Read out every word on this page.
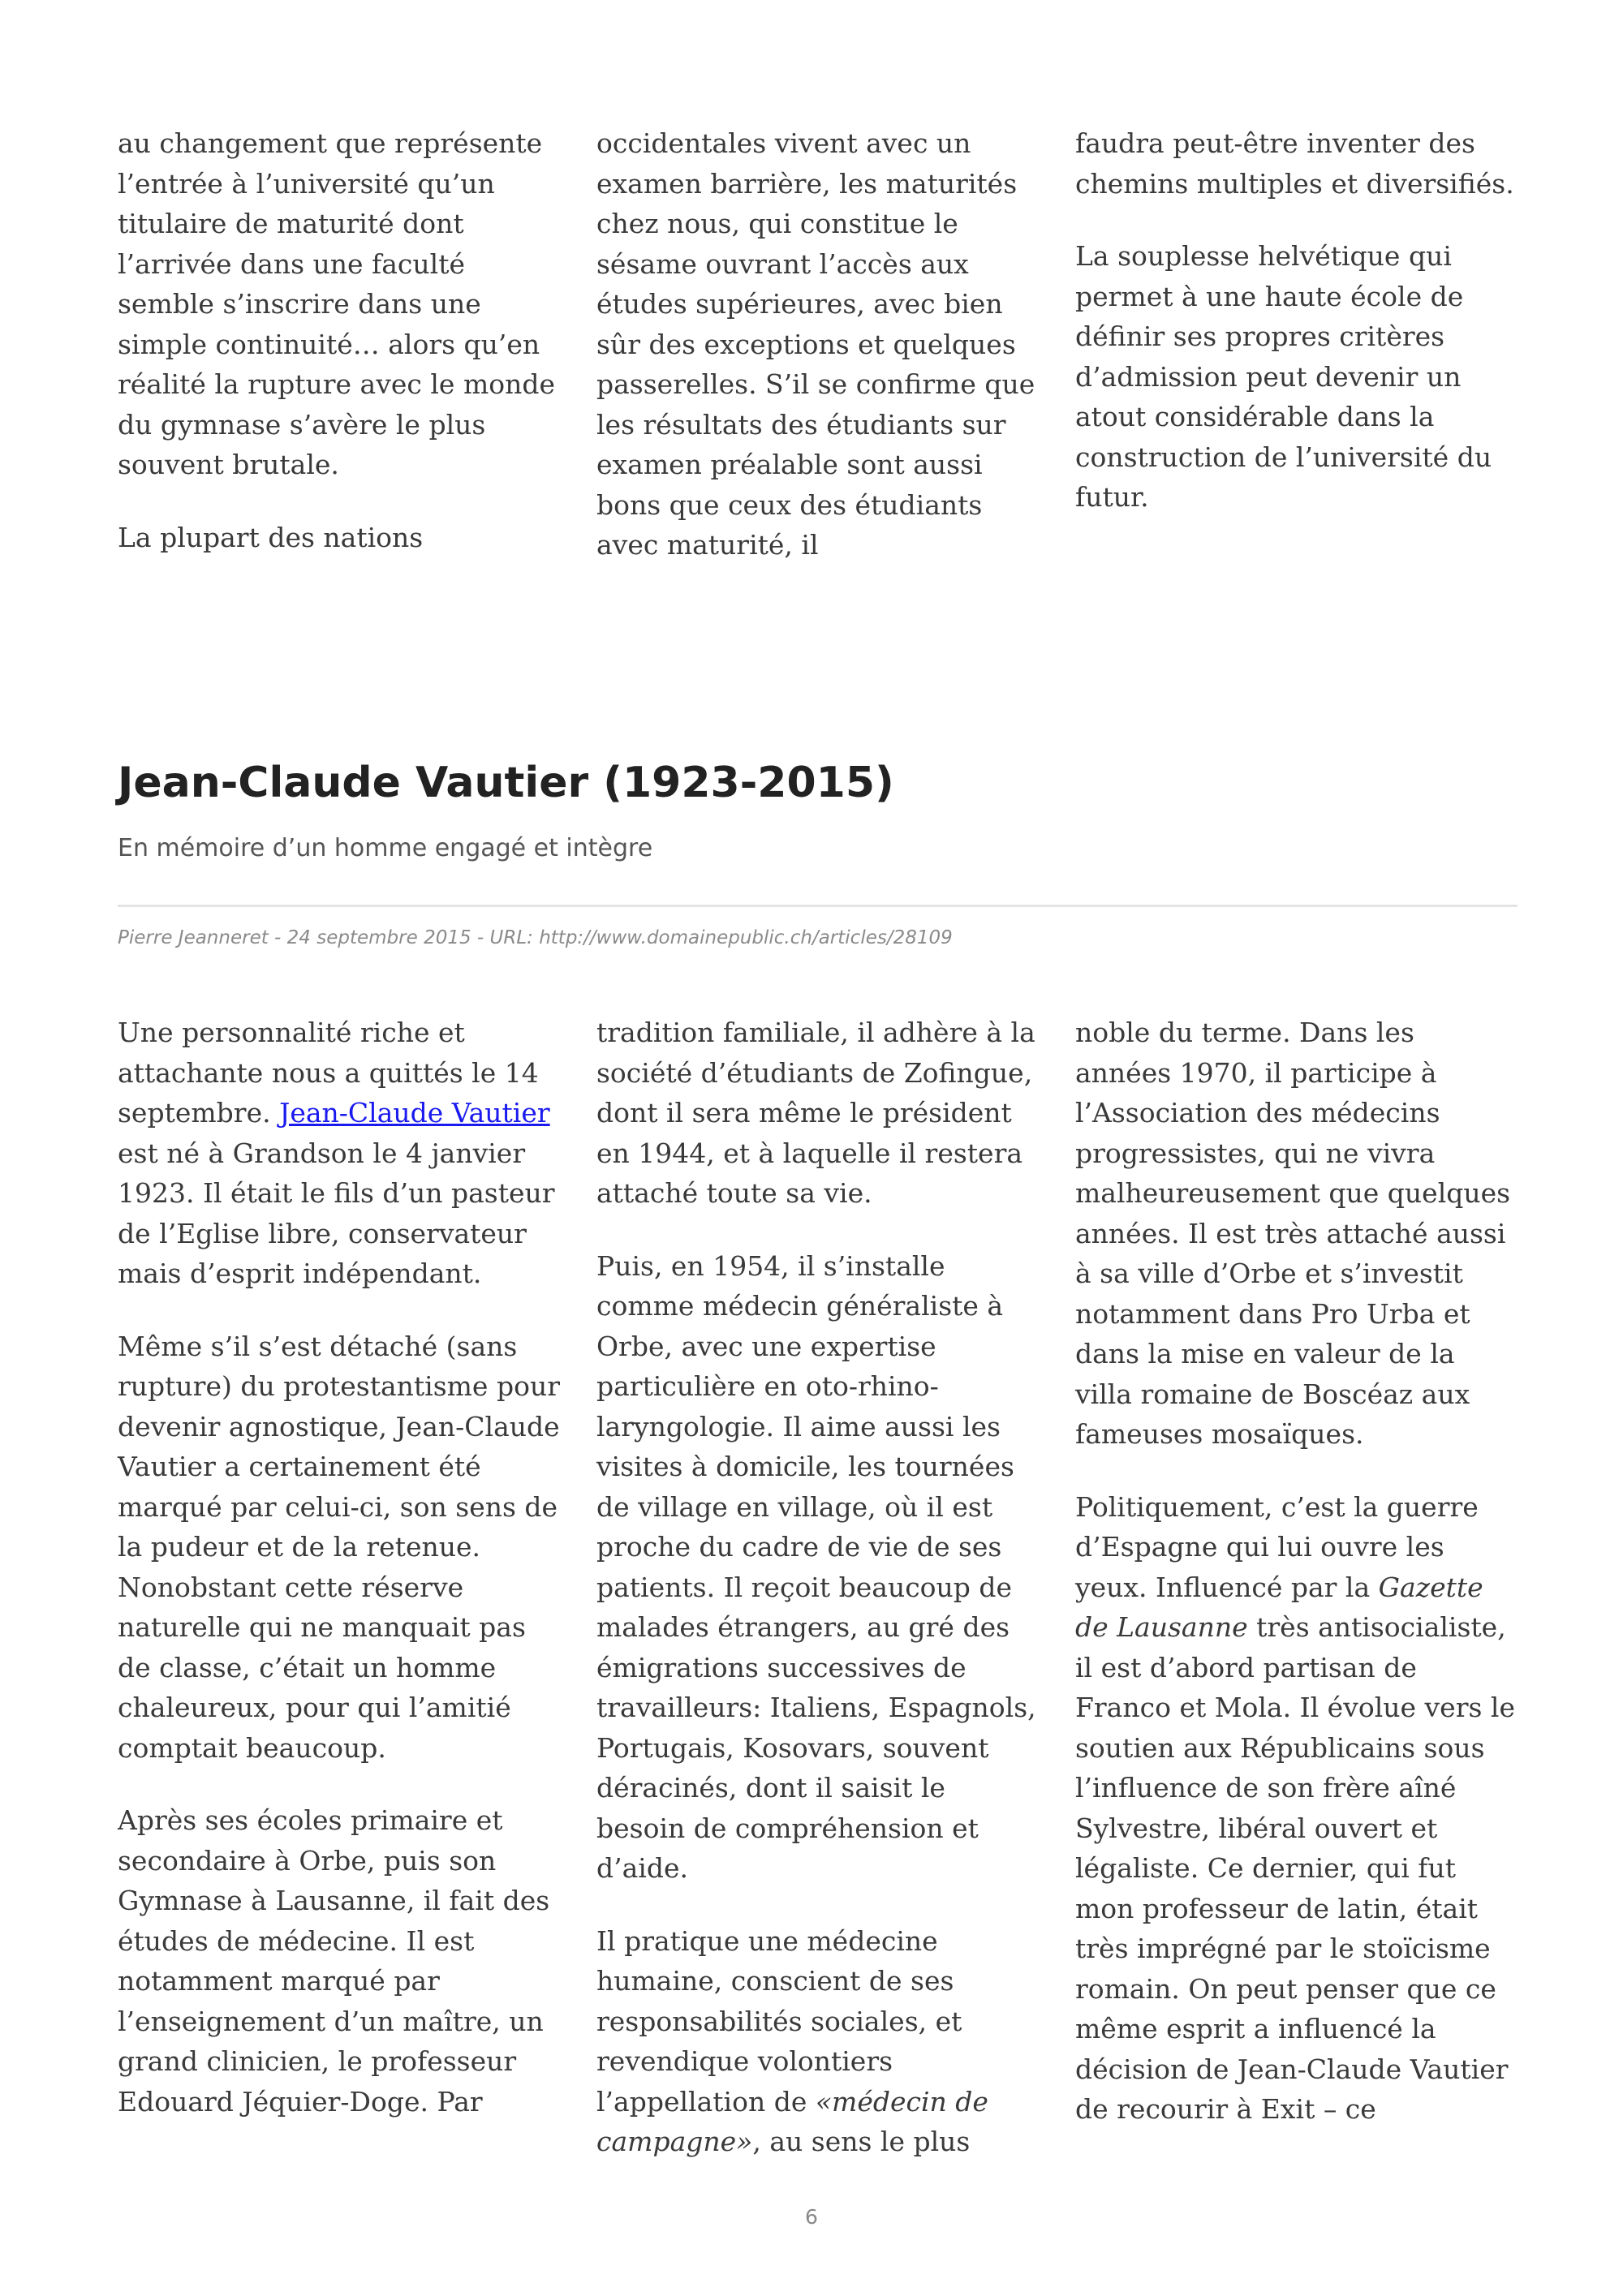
au changement que représente l’entrée à l’université qu’un titulaire de maturité dont l’arrivée dans une faculté semble s’inscrire dans une simple continuité… alors qu’en réalité la rupture avec le monde du gymnase s’avère le plus souvent brutale.

La plupart des nations

occidentales vivent avec un examen barrière, les maturités chez nous, qui constitue le sésame ouvrant l’accès aux études supérieures, avec bien sûr des exceptions et quelques passerelles. S’il se confirme que les résultats des étudiants sur examen préalable sont aussi bons que ceux des étudiants avec maturité, il

faudra peut-être inventer des chemins multiples et diversifiés.

La souplesse helvétique qui permet à une haute école de définir ses propres critères d’admission peut devenir un atout considérable dans la construction de l’université du futur.

Jean-Claude Vautier (1923-2015)

En mémoire d’un homme engagé et intègre

Pierre Jeanneret - 24 septembre 2015 - URL: http://www.domainepublic.ch/articles/28109

Une personnalité riche et attachante nous a quittés le 14 septembre. Jean-Claude Vautier est né à Grandson le 4 janvier 1923. Il était le fils d’un pasteur de l’Eglise libre, conservateur mais d’esprit indépendant.

Même s’il s’est détaché (sans rupture) du protestantisme pour devenir agnostique, Jean-Claude Vautier a certainement été marqué par celui-ci, son sens de la pudeur et de la retenue. Nonobstant cette réserve naturelle qui ne manquait pas de classe, c’était un homme chaleureux, pour qui l’amitié comptait beaucoup.

Après ses écoles primaire et secondaire à Orbe, puis son Gymnase à Lausanne, il fait des études de médecine. Il est notamment marqué par l’enseignement d’un maître, un grand clinicien, le professeur Edouard Jéquier-Doge. Par

tradition familiale, il adhère à la société d’étudiants de Zofingue, dont il sera même le président en 1944, et à laquelle il restera attaché toute sa vie.

Puis, en 1954, il s’installe comme médecin généraliste à Orbe, avec une expertise particulière en oto-rhino-laryngologie. Il aime aussi les visites à domicile, les tournées de village en village, où il est proche du cadre de vie de ses patients. Il reçoit beaucoup de malades étrangers, au gré des émigrations successives de travailleurs: Italiens, Espagnols, Portugais, Kosovars, souvent déracinés, dont il saisit le besoin de compréhension et d’aide.

Il pratique une médecine humaine, conscient de ses responsabilités sociales, et revendique volontiers l’appellation de «médecin de campagne», au sens le plus

noble du terme. Dans les années 1970, il participe à l’Association des médecins progressistes, qui ne vivra malheureusement que quelques années. Il est très attaché aussi à sa ville d’Orbe et s’investit notamment dans Pro Urba et dans la mise en valeur de la villa romaine de Boscéaz aux fameuses mosaïques.

Politiquement, c’est la guerre d’Espagne qui lui ouvre les yeux. Influencé par la Gazette de Lausanne très antisocialiste, il est d’abord partisan de Franco et Mola. Il évolue vers le soutien aux Républicains sous l’influence de son frère aîné Sylvestre, libéral ouvert et légaliste. Ce dernier, qui fut mon professeur de latin, était très imprégné par le stoïcisme romain. On peut penser que ce même esprit a influencé la décision de Jean-Claude Vautier de recourir à Exit – ce

6
